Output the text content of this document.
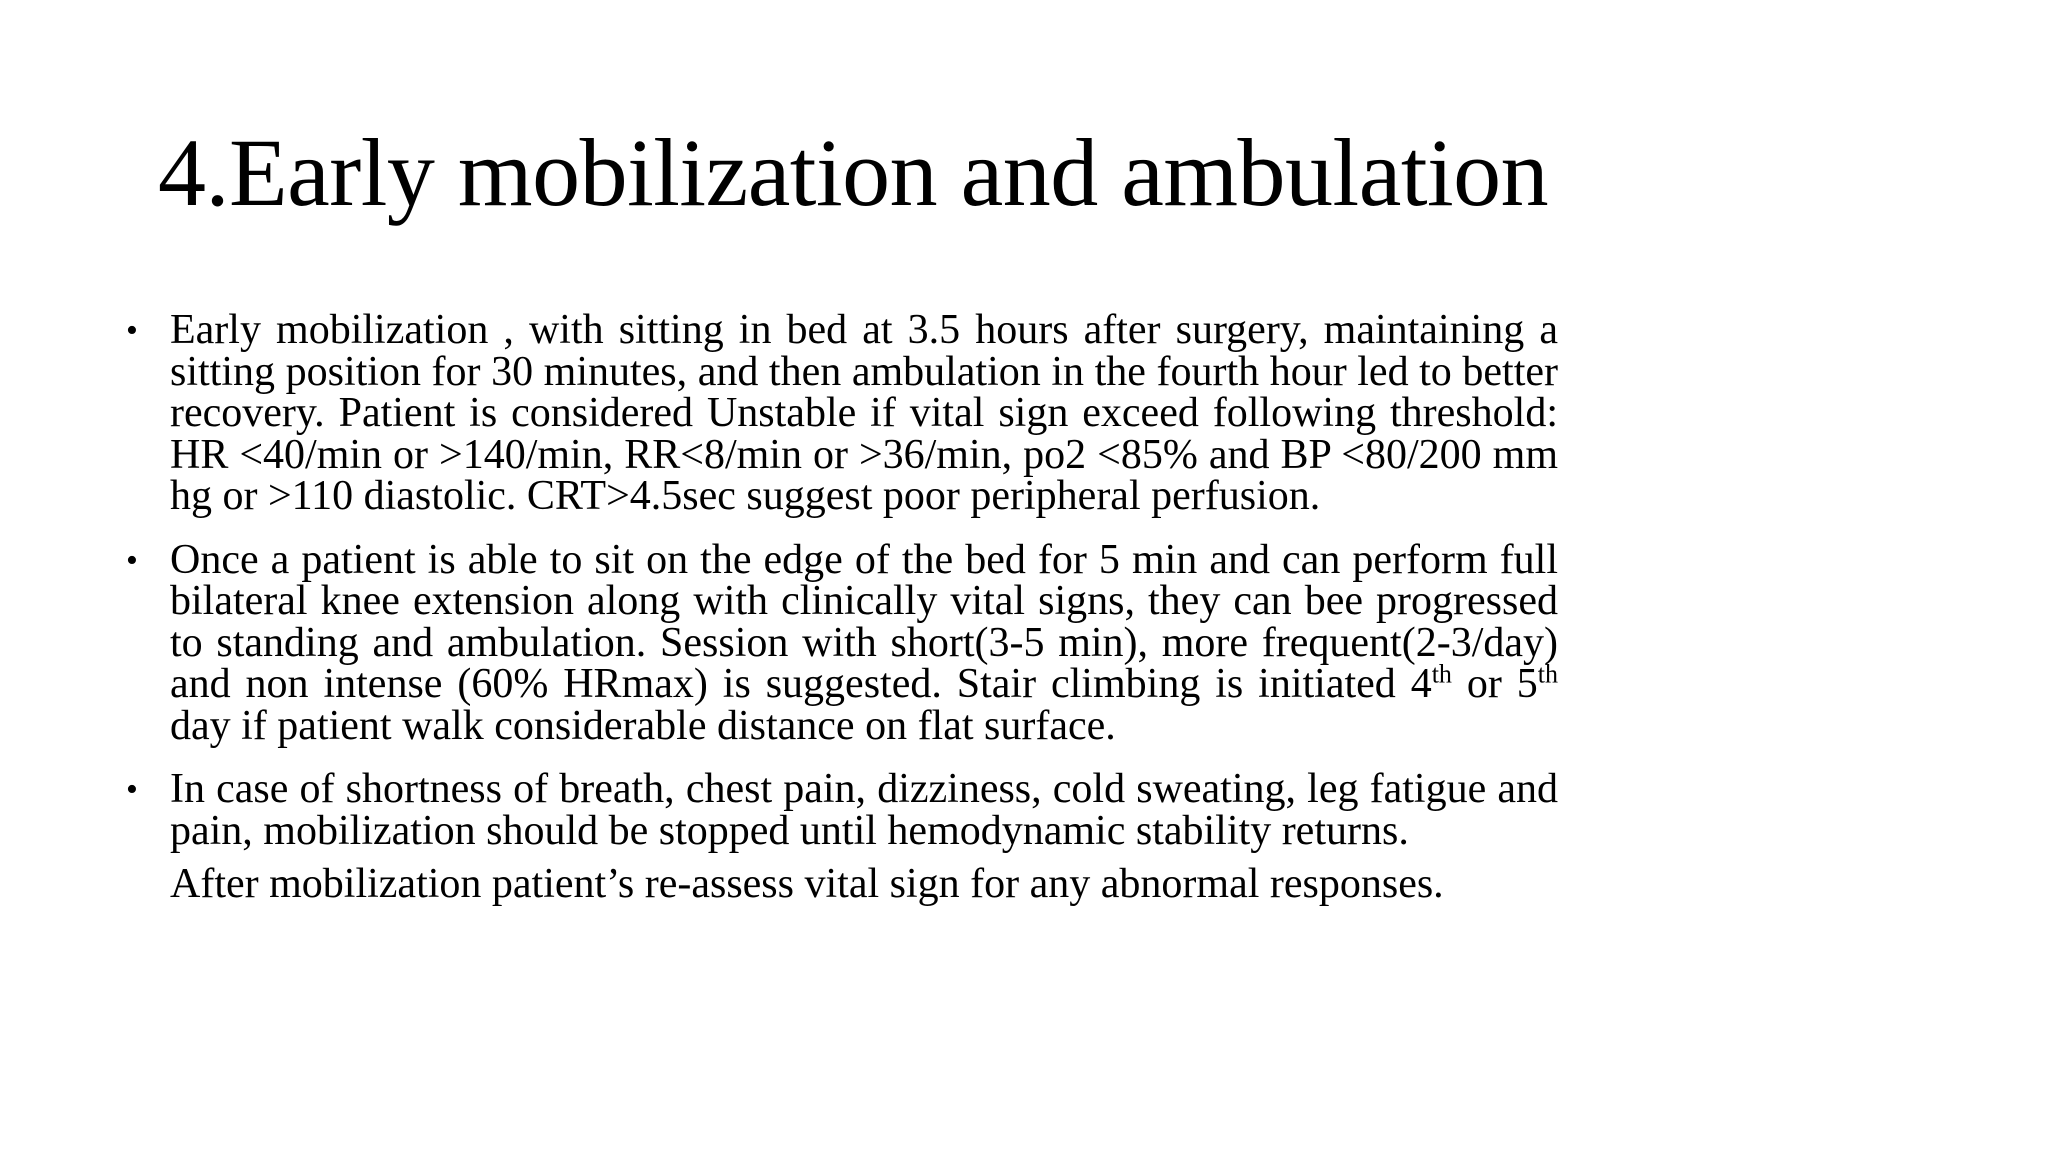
4.Early mobilization and ambulation
• Early mobilization , with sitting in bed at 3.5 hours after surgery, maintaining a sitting position for 30 minutes, and then ambulation in the fourth hour led to better recovery. Patient is considered Unstable if vital sign exceed following threshold: HR <40/min or >140/min, RR<8/min or >36/min, po2 <85% and BP <80/200 mm hg or >110 diastolic. CRT>4.5sec suggest poor peripheral perfusion.
• Once a patient is able to sit on the edge of the bed for 5 min and can perform full bilateral knee extension along with clinically vital signs, they can bee progressed to standing and ambulation. Session with short(3-5 min), more frequent(2-3/day) and non intense (60% HRmax) is suggested. Stair climbing is initiated 4th or 5th day if patient walk considerable distance on flat surface.
• In case of shortness of breath, chest pain, dizziness, cold sweating, leg fatigue and pain, mobilization should be stopped until hemodynamic stability returns.
After mobilization patient’s re-assess vital sign for any abnormal responses.
